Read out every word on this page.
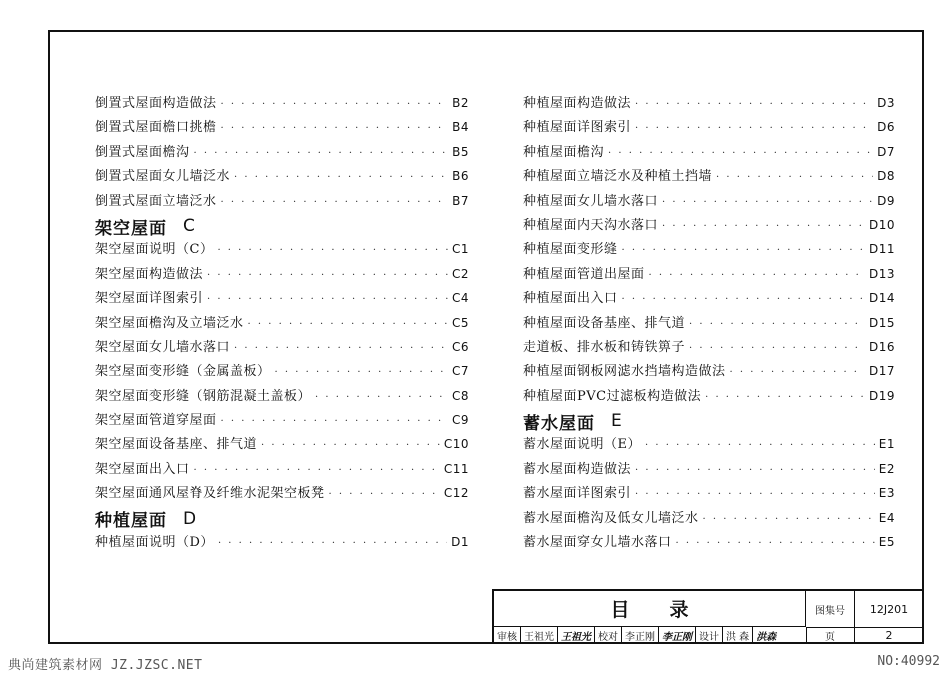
倒置式屋面构造做法 · · ·	B2
倒置式屋面檐口挑檐 · · ·	B4
倒置式屋面檐沟 · · ·	B5
倒置式屋面女儿墙泛水 · · ·	B6
倒置式屋面立墙泛水 · · ·	B7
架空屋面 C
架空屋面说明（C） · · ·	C1
架空屋面构造做法 · · ·	C2
架空屋面详图索引 · · ·	C4
架空屋面檐沟及立墙泛水 · · ·	C5
架空屋面女儿墙水落口 · · ·	C6
架空屋面变形缝（金属盖板） · · ·	C7
架空屋面变形缝（钢筋混凝土盖板） · · ·	C8
架空屋面管道穿屋面 · · ·	C9
架空屋面设备基座、排气道 · · ·	C10
架空屋面出入口 · · ·	C11
架空屋面通风屋脊及纤维水泥架空板凳 · · ·	C12
种植屋面 D
种植屋面说明（D） · · ·	D1
种植屋面构造做法 · · ·	D3
种植屋面详图索引 · · ·	D6
种植屋面檐沟 · · ·	D7
种植屋面立墙泛水及种植土挡墙 · · ·	D8
种植屋面女儿墙水落口 · · ·	D9
种植屋面内天沟水落口 · · ·	D10
种植屋面变形缝 · · ·	D11
种植屋面管道出屋面 · · ·	D13
种植屋面出入口 · · ·	D14
种植屋面设备基座、排气道 · · ·	D15
走道板、排水板和铸铁箅子 · · ·	D16
种植屋面钢板网滤水挡墙构造做法 · · ·	D17
种植屋面PVC过滤板构造做法 · · ·	D19
蓄水屋面 E
蓄水屋面说明（E） · · ·	E1
蓄水屋面构造做法 · · ·	E2
蓄水屋面详图索引 · · ·	E3
蓄水屋面檐沟及低女儿墙泛水 · · ·	E4
蓄水屋面穿女儿墙水落口 · · ·	E5
目录	图集号	12J201
审核 王祖光 王祖光 校对 李正刚 李正刚 设计 洪 森 洪森	页	2
典尚建筑素材网 JZ.JZSC.NET	NO:40992
